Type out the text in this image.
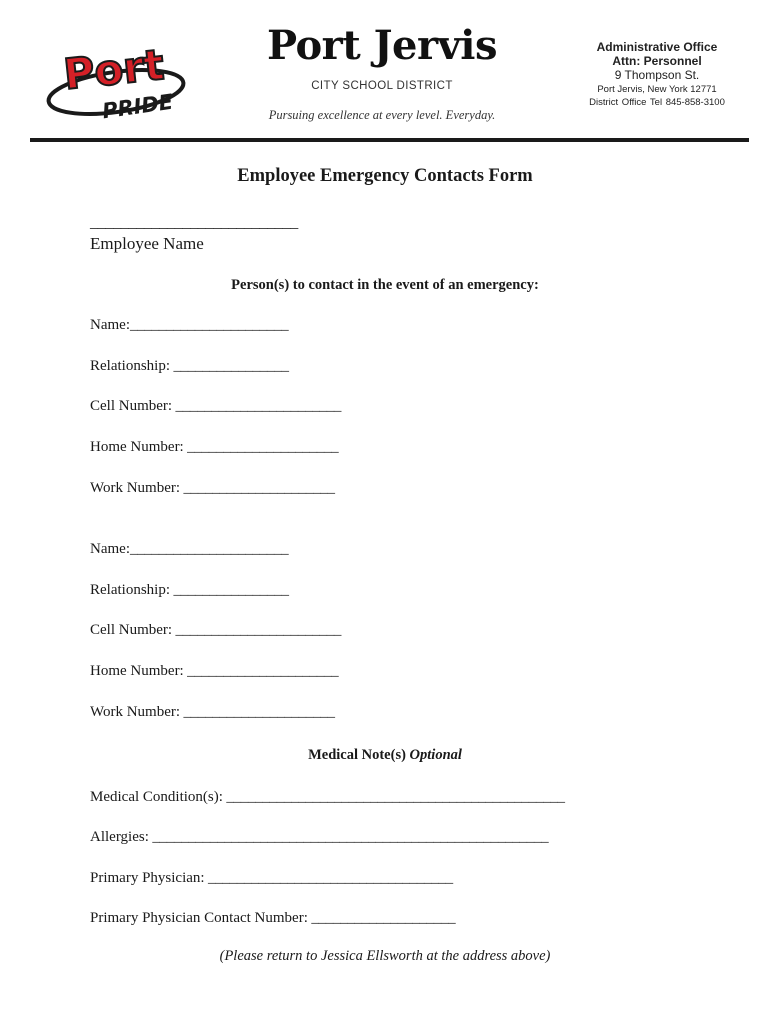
Port
PRIDE
Port Jervis
CITY SCHOOL DISTRICT
Pursuing excellence at every level. Everyday.
Administrative Office
Attn: Personnel
9 Thompson St.
Port Jervis, New York 12771
District Office Tel 845-858-3100
Employee Emergency Contacts Form
___________________________
Employee Name
Person(s) to contact in the event of an emergency:
Name:______________________
Relationship: ________________
Cell Number: _______________________
Home Number: _____________________
Work Number: _____________________
Name:______________________
Relationship: ________________
Cell Number: _______________________
Home Number: _____________________
Work Number: _____________________
Medical Note(s) Optional
Medical Condition(s): _______________________________________________
Allergies: _______________________________________________________
Primary Physician: __________________________________
Primary Physician Contact Number: ____________________
(Please return to Jessica Ellsworth at the address above)
